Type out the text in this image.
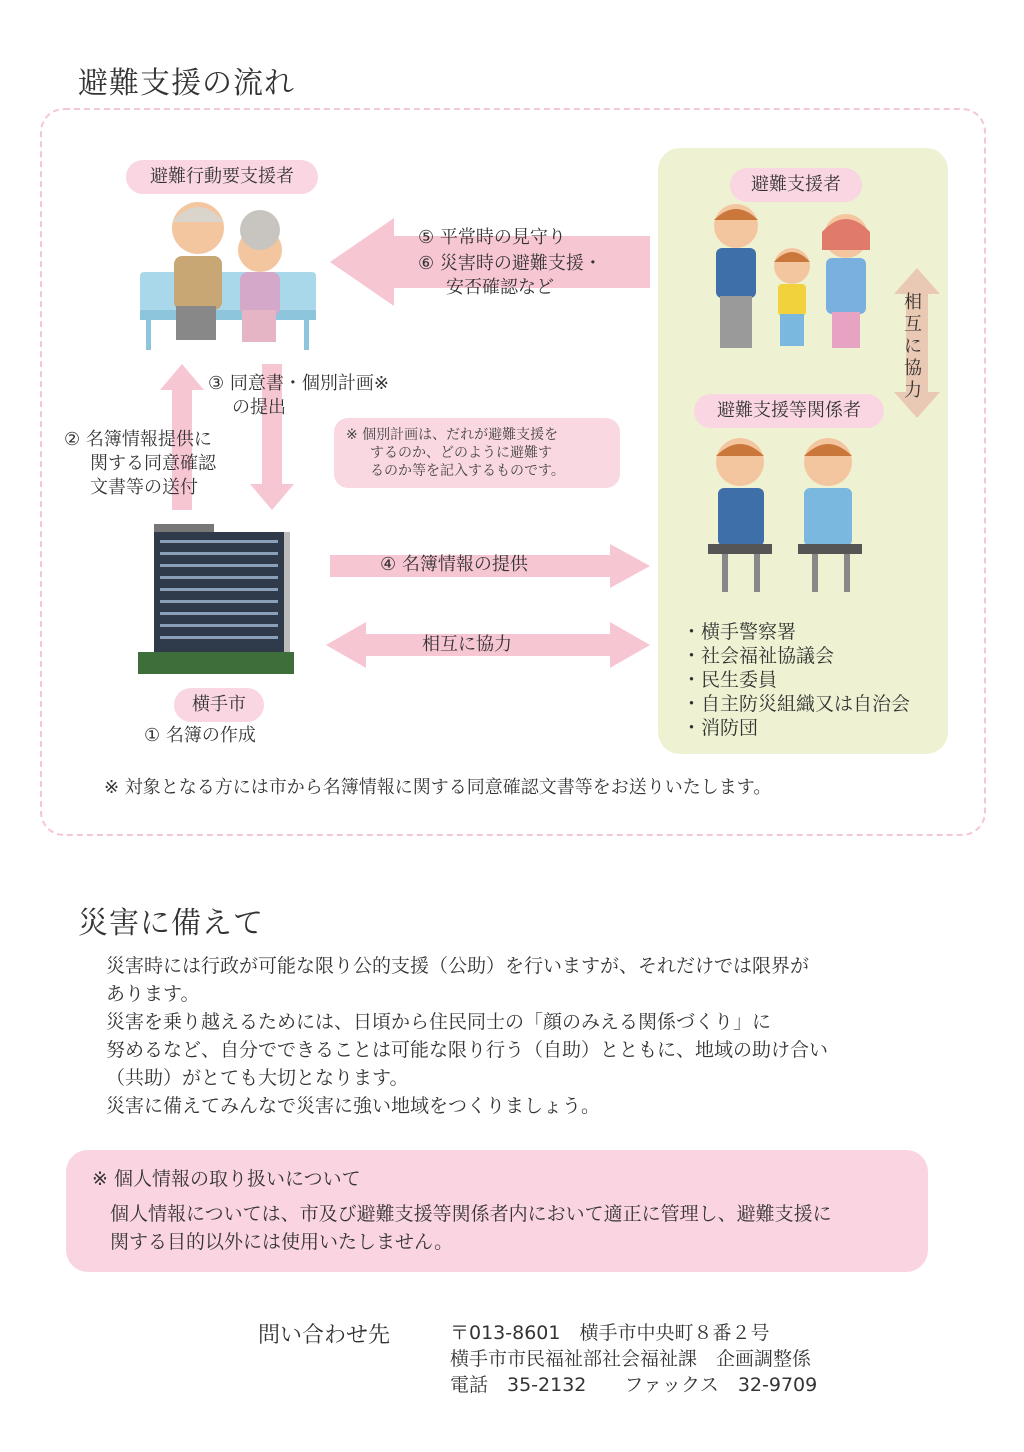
避難支援の流れ
避難行動要支援者
⑤ 平常時の見守り
⑥ 災害時の避難支援・
安否確認など
避難支援者
相互に協力
避難支援等関係者
③ 同意書・個別計画※
の提出
② 名簿情報提供に
関する同意確認
文書等の送付
※ 個別計画は、だれが避難支援を
するのか、どのように避難す
るのか等を記入するものです。
④ 名簿情報の提供
相互に協力
横手市
① 名簿の作成
・横手警察署
・社会福祉協議会
・民生委員
・自主防災組織又は自治会
・消防団
※ 対象となる方には市から名簿情報に関する同意確認文書等をお送りいたします。
災害に備えて
災害時には行政が可能な限り公的支援（公助）を行いますが、それだけでは限界が
あります。
災害を乗り越えるためには、日頃から住民同士の「顔のみえる関係づくり」に
努めるなど、自分でできることは可能な限り行う（自助）とともに、地域の助け合い
（共助）がとても大切となります。
災害に備えてみんなで災害に強い地域をつくりましょう。
※ 個人情報の取り扱いについて
個人情報については、市及び避難支援等関係者内において適正に管理し、避難支援に
関する目的以外には使用いたしません。
問い合わせ先	〒013-8601　横手市中央町８番２号
横手市市民福祉部社会福祉課　企画調整係
電話　35-2132　　ファックス　32-9709
